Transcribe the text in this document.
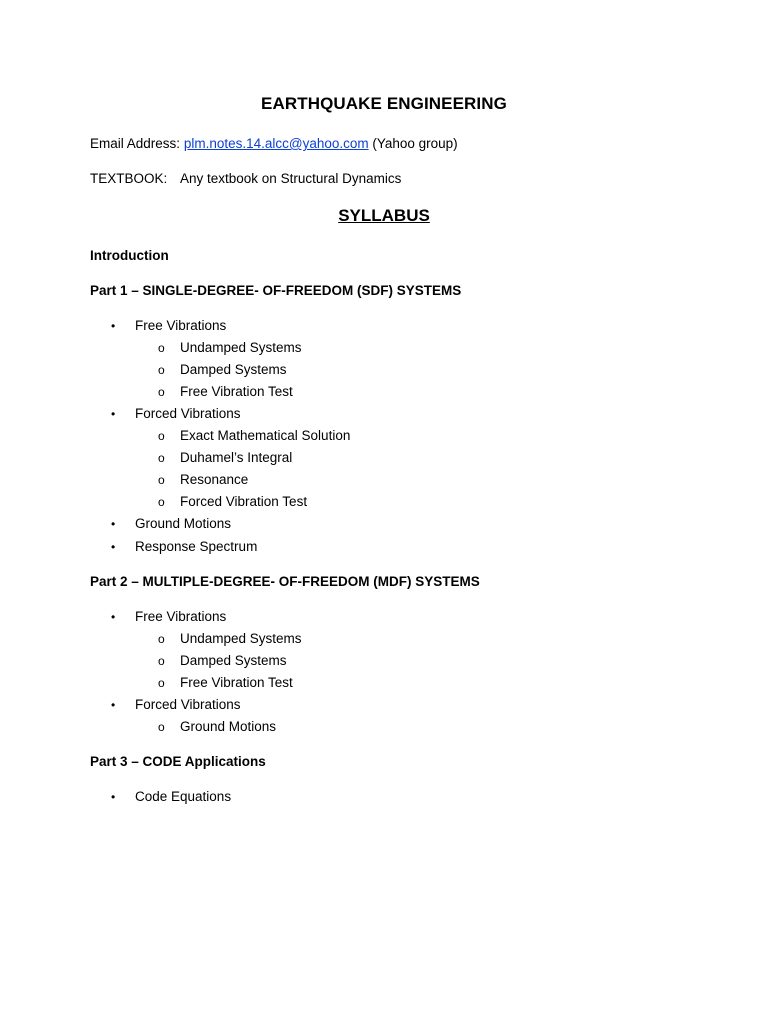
EARTHQUAKE ENGINEERING
Email Address: plm.notes.14.alcc@yahoo.com (Yahoo group)
TEXTBOOK: Any textbook on Structural Dynamics
SYLLABUS
Introduction
Part 1 – SINGLE-DEGREE- OF-FREEDOM (SDF) SYSTEMS
• Free Vibrations
o Undamped Systems
o Damped Systems
o Free Vibration Test
• Forced Vibrations
o Exact Mathematical Solution
o Duhamel’s Integral
o Resonance
o Forced Vibration Test
• Ground Motions
• Response Spectrum
Part 2 – MULTIPLE-DEGREE- OF-FREEDOM (MDF) SYSTEMS
• Free Vibrations
o Undamped Systems
o Damped Systems
o Free Vibration Test
• Forced Vibrations
o Ground Motions
Part 3 – CODE Applications
• Code Equations
